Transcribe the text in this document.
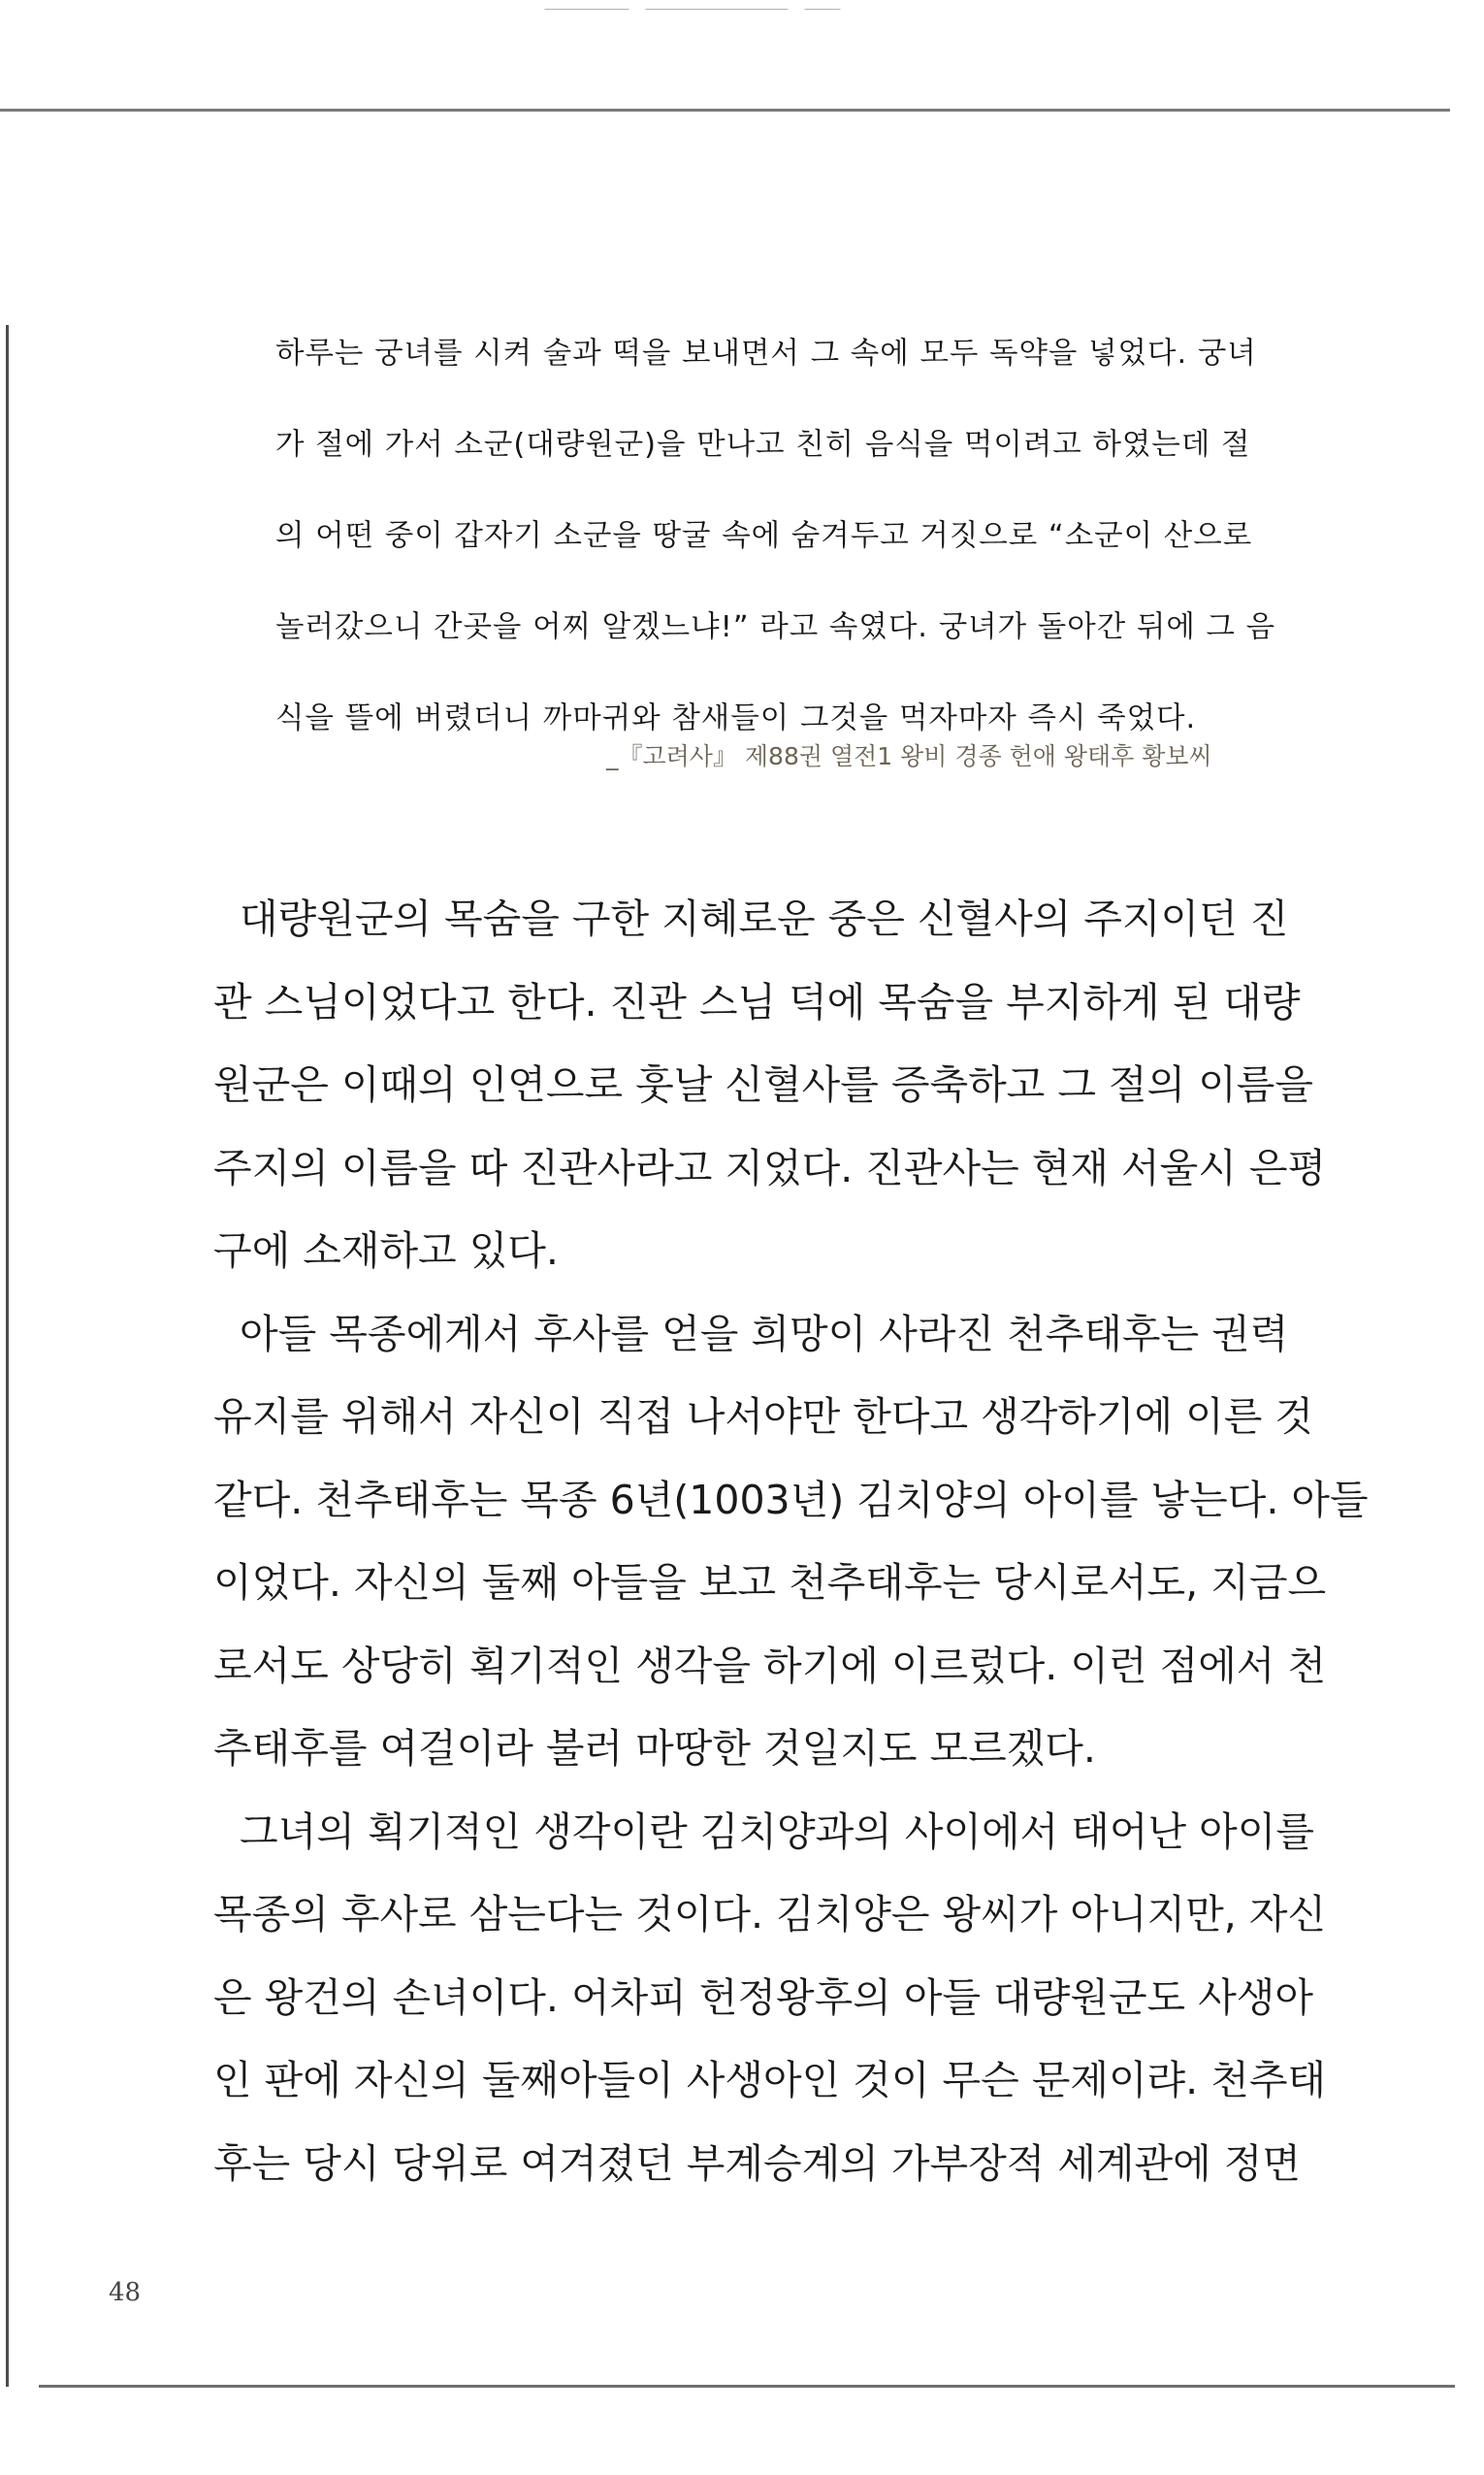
하루는 궁녀를 시켜 술과 떡을 보내면서 그 속에 모두 독약을 넣었다. 궁녀
가 절에 가서 소군(대량원군)을 만나고 친히 음식을 먹이려고 하였는데 절
의 어떤 중이 갑자기 소군을 땅굴 속에 숨겨두고 거짓으로 “소군이 산으로
놀러갔으니 간곳을 어찌 알겠느냐!” 라고 속였다. 궁녀가 돌아간 뒤에 그 음
식을 뜰에 버렸더니 까마귀와 참새들이 그것을 먹자마자 즉시 죽었다.
_『고려사』 제88권 열전1 왕비 경종 헌애 왕태후 황보씨
대량원군의 목숨을 구한 지혜로운 중은 신혈사의 주지이던 진
관 스님이었다고 한다. 진관 스님 덕에 목숨을 부지하게 된 대량
원군은 이때의 인연으로 훗날 신혈사를 증축하고 그 절의 이름을
주지의 이름을 따 진관사라고 지었다. 진관사는 현재 서울시 은평
구에 소재하고 있다.
아들 목종에게서 후사를 얻을 희망이 사라진 천추태후는 권력
유지를 위해서 자신이 직접 나서야만 한다고 생각하기에 이른 것
같다. 천추태후는 목종 6년(1003년) 김치양의 아이를 낳는다. 아들
이었다. 자신의 둘째 아들을 보고 천추태후는 당시로서도, 지금으
로서도 상당히 획기적인 생각을 하기에 이르렀다. 이런 점에서 천
추태후를 여걸이라 불러 마땅한 것일지도 모르겠다.
그녀의 획기적인 생각이란 김치양과의 사이에서 태어난 아이를
목종의 후사로 삼는다는 것이다. 김치양은 왕씨가 아니지만, 자신
은 왕건의 손녀이다. 어차피 헌정왕후의 아들 대량원군도 사생아
인 판에 자신의 둘째아들이 사생아인 것이 무슨 문제이랴. 천추태
후는 당시 당위로 여겨졌던 부계승계의 가부장적 세계관에 정면
48
